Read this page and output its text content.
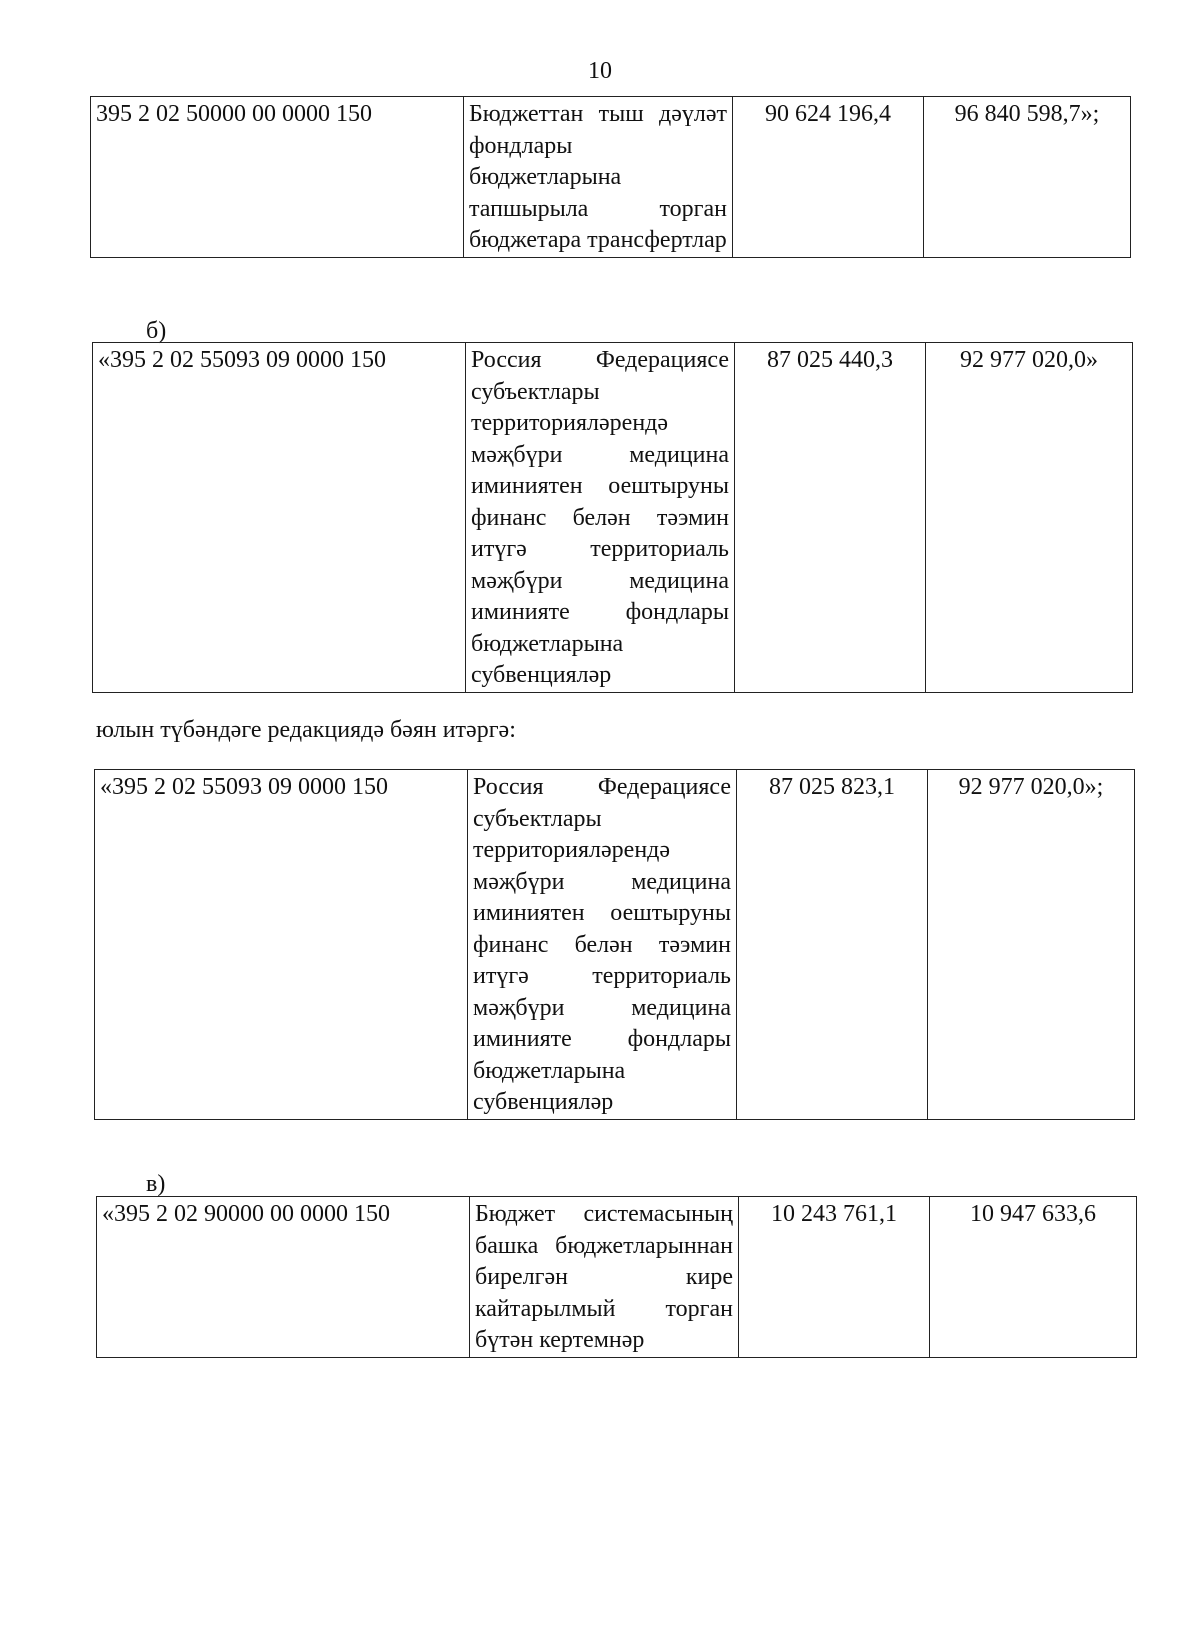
10
395 2 02 50000 00 0000 150	Бюджеттан тыш дәүләт фондлары бюджетларына тапшырыла торган бюджетара трансфертлар	90 624 196,4	96 840 598,7»;
б)
«395 2 02 55093 09 0000 150	Россия Федерациясе субъектлары территорияләрендә мәҗбүри медицина иминиятен оештыруны финанс белән тәэмин итүгә территориаль мәҗбүри медицина иминияте фондлары бюджетларына субвенцияләр	87 025 440,3	92 977 020,0»
юлын түбәндәге редакциядә бәян итәргә:
«395 2 02 55093 09 0000 150	Россия Федерациясе субъектлары территорияләрендә мәҗбүри медицина иминиятен оештыруны финанс белән тәэмин итүгә территориаль мәҗбүри медицина иминияте фондлары бюджетларына субвенцияләр	87 025 823,1	92 977 020,0»;
в)
«395 2 02 90000 00 0000 150	Бюджет системасының башка бюджетларыннан бирелгән кире кайтарылмый торган бүтән кертемнәр	10 243 761,1	10 947 633,6
